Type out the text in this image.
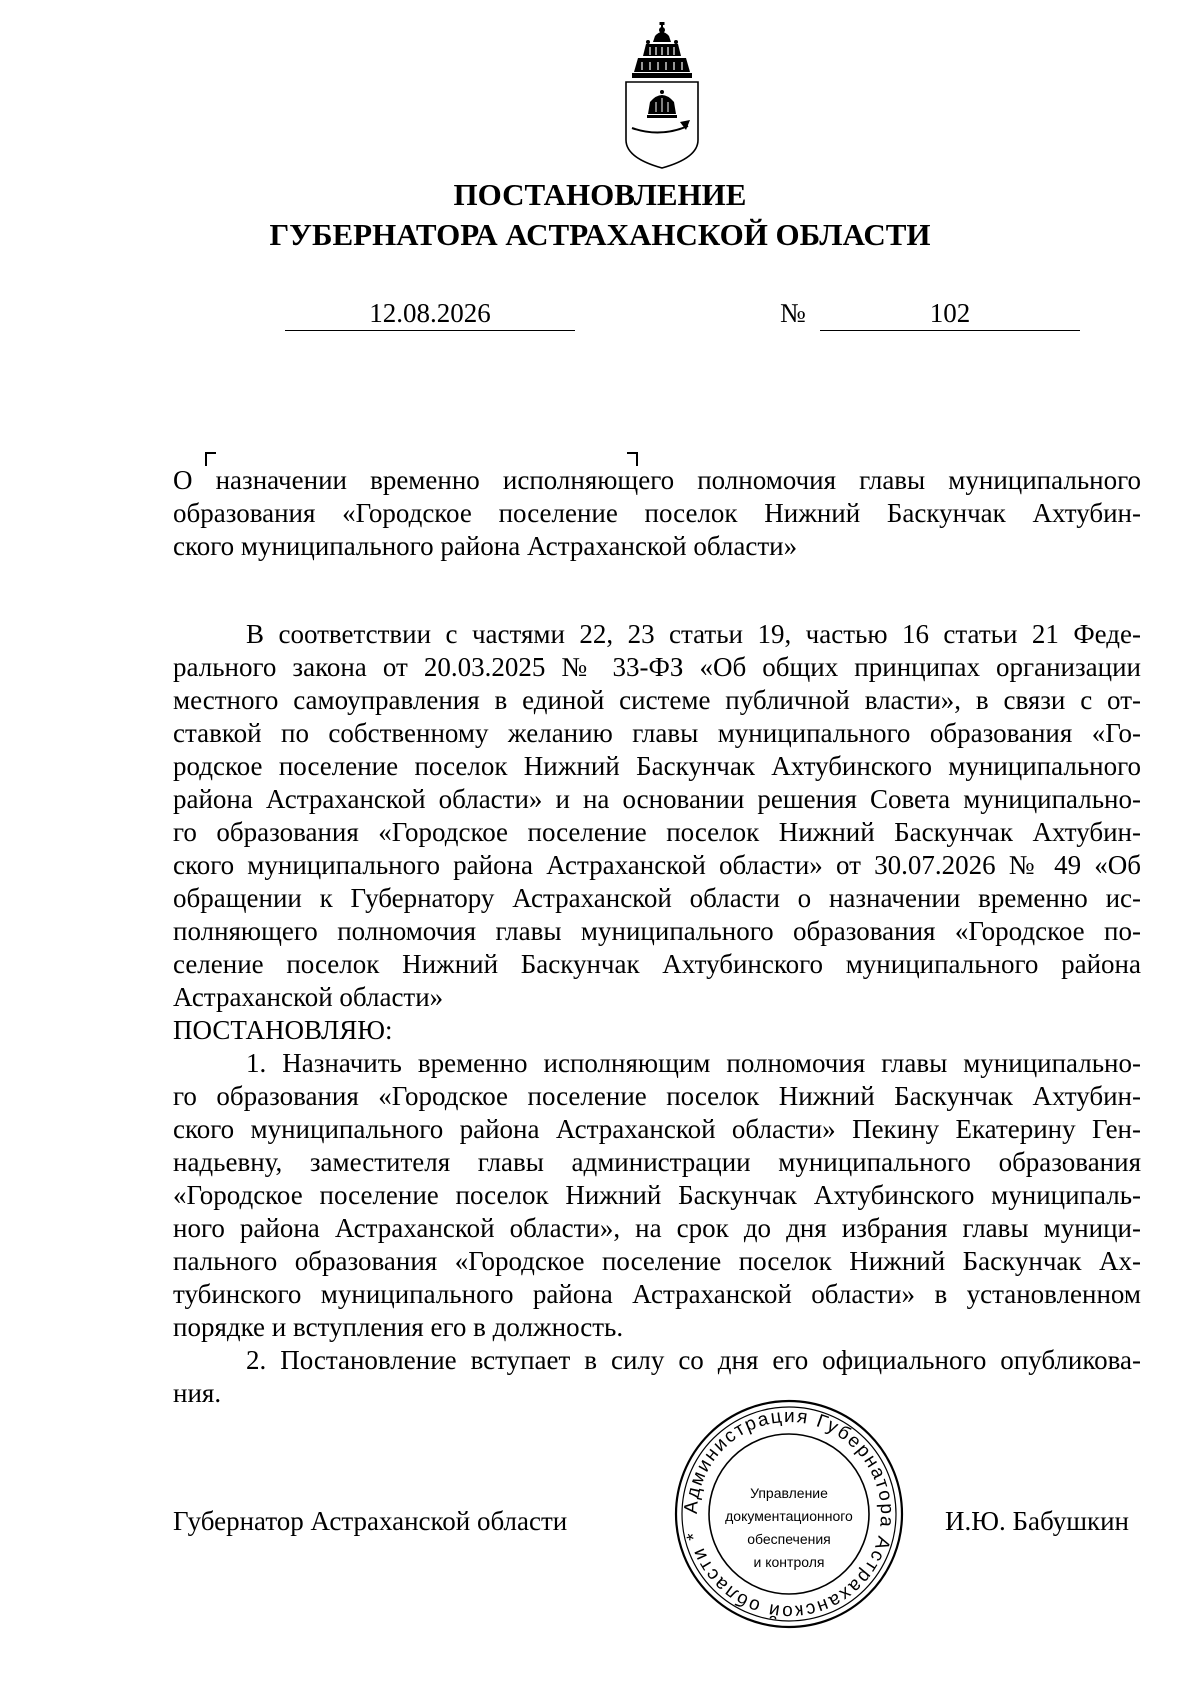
ПОСТАНОВЛЕНИЕ
ГУБЕРНАТОРА АСТРАХАНСКОЙ ОБЛАСТИ
12.08.2026	№	102
О назначении временно исполняющего полномочия главы муниципального
образования «Городское поселение поселок Нижний Баскунчак Ахтубин-
ского муниципального района Астраханской области»
В соответствии с частями 22, 23 статьи 19, частью 16 статьи 21 Феде-
рального закона от 20.03.2025 № 33-ФЗ «Об общих принципах организации
местного самоуправления в единой системе публичной власти», в связи с от-
ставкой по собственному желанию главы муниципального образования «Го-
родское поселение поселок Нижний Баскунчак Ахтубинского муниципального
района Астраханской области» и на основании решения Совета муниципально-
го образования «Городское поселение поселок Нижний Баскунчак Ахтубин-
ского муниципального района Астраханской области» от 30.07.2026 № 49 «Об
обращении к Губернатору Астраханской области о назначении временно ис-
полняющего полномочия главы муниципального образования «Городское по-
селение поселок Нижний Баскунчак Ахтубинского муниципального района
Астраханской области»
ПОСТАНОВЛЯЮ:
1. Назначить временно исполняющим полномочия главы муниципально-
го образования «Городское поселение поселок Нижний Баскунчак Ахтубин-
ского муниципального района Астраханской области» Пекину Екатерину Ген-
надьевну, заместителя главы администрации муниципального образования
«Городское поселение поселок Нижний Баскунчак Ахтубинского муниципаль-
ного района Астраханской области», на срок до дня избрания главы муници-
пального образования «Городское поселение поселок Нижний Баскунчак Ах-
тубинского муниципального района Астраханской области» в установленном
порядке и вступления его в должность.
2. Постановление вступает в силу со дня его официального опубликова-
ния.
Губернатор Астраханской области	И.Ю. Бабушкин
Администрация Губернатора Астраханской области *
Управление
документационного
обеспечения
и контроля
